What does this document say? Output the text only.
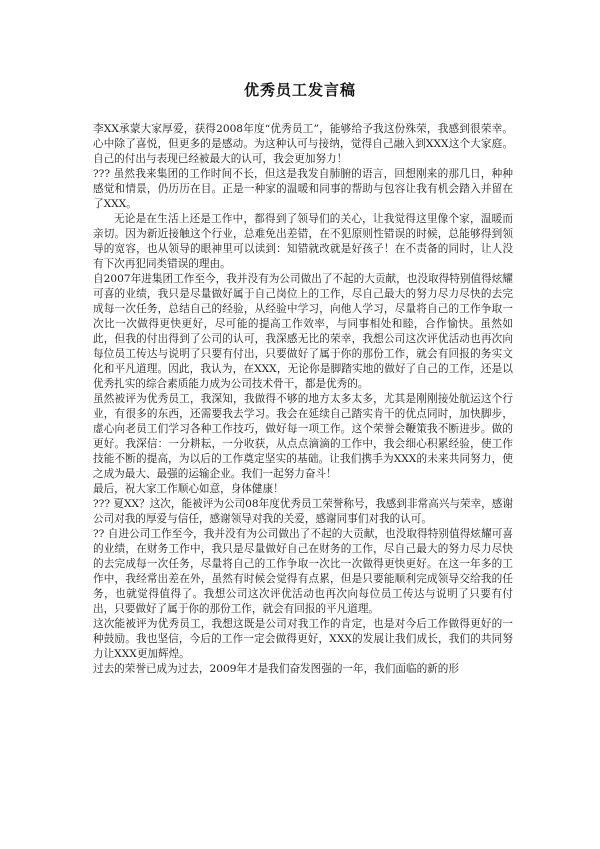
优秀员工发言稿

李XX承蒙大家厚爱，获得2008年度“优秀员工”，能够给予我这份殊荣，我感到很荣幸。心中除了喜悦，但更多的是感动。为这种认可与接纳，觉得自己融入到XXX这个大家庭。自己的付出与表现已经被最大的认可，我会更加努力！

??? 虽然我来集团的工作时间不长，但这是我发自肺腑的语言，回想刚来的那几日，种种感觉和情景，仍历历在目。正是一种家的温暖和同事的帮助与包容让我有机会踏入并留在了XXX。

无论是在生活上还是工作中，都得到了领导们的关心，让我觉得这里像个家，温暖而亲切。因为新近接触这个行业，总难免出差错，在不犯原则性错误的时候，总能够得到领导的宽容，也从领导的眼神里可以读到：知错就改就是好孩子！在不责备的同时，让人没有下次再犯同类错误的理由。

自2007年进集团工作至今，我并没有为公司做出了不起的大贡献，也没取得特别值得炫耀可喜的业绩，我只是尽量做好属于自己岗位上的工作，尽自己最大的努力尽力尽快的去完成每一次任务，总结自己的经验，从经验中学习，向他人学习，尽量将自己的工作争取一次比一次做得更快更好，尽可能的提高工作效率，与同事相处和睦，合作愉快。虽然如此，但我的付出得到了公司的认可，我深感无比的荣幸，我想公司这次评优活动也再次向每位员工传达与说明了只要有付出，只要做好了属于你的那份工作，就会有回报的务实文化和平凡道理。因此，我认为，在XXX，无论你是脚踏实地的做好了自己的工作，还是以优秀扎实的综合素质能力成为公司技术骨干，都是优秀的。

虽然被评为优秀员工，我深知，我做得不够的地方太多太多，尤其是刚刚接处航运这个行业，有很多的东西，还需要我去学习。我会在延续自己踏实肯干的优点同时，加快脚步，虚心向老员工们学习各种工作技巧，做好每一项工作。这个荣誉会鞭策我不断进步。做的更好。我深信：一分耕耘，一分收获，从点点滴滴的工作中，我会细心积累经验，使工作技能不断的提高，为以后的工作奠定坚实的基础。让我们携手为XXX的未来共同努力，使之成为最大、最强的运输企业。我们一起努力奋斗！

最后，祝大家工作顺心如意，身体健康！

??? 夏XX？这次，能被评为公司08年度优秀员工荣誉称号，我感到非常高兴与荣幸，感谢公司对我的厚爱与信任，感谢领导对我的关爱，感谢同事们对我的认可。

?? 自进公司工作至今，我并没有为公司做出了不起的大贡献，也没取得特别值得炫耀可喜的业绩，在财务工作中，我只是尽量做好自己在财务的工作，尽自己最大的努力尽力尽快的去完成每一次任务，尽量将自己的工作争取一次比一次做得更快更好。在这一年多的工作中，我经常出差在外，虽然有时候会觉得有点累，但是只要能顺利完成领导交给我的任务，也就觉得值得了。我想公司这次评优活动也再次向每位员工传达与说明了只要有付出，只要做好了属于你的那份工作，就会有回报的平凡道理。

这次能被评为优秀员工，我想这既是公司对我工作的肯定，也是对今后工作做得更好的一种鼓励。我也坚信，今后的工作一定会做得更好，XXX的发展让我们成长，我们的共同努力让XXX更加辉煌。

过去的荣誉已成为过去，2009年才是我们奋发图强的一年，我们面临的新的形
